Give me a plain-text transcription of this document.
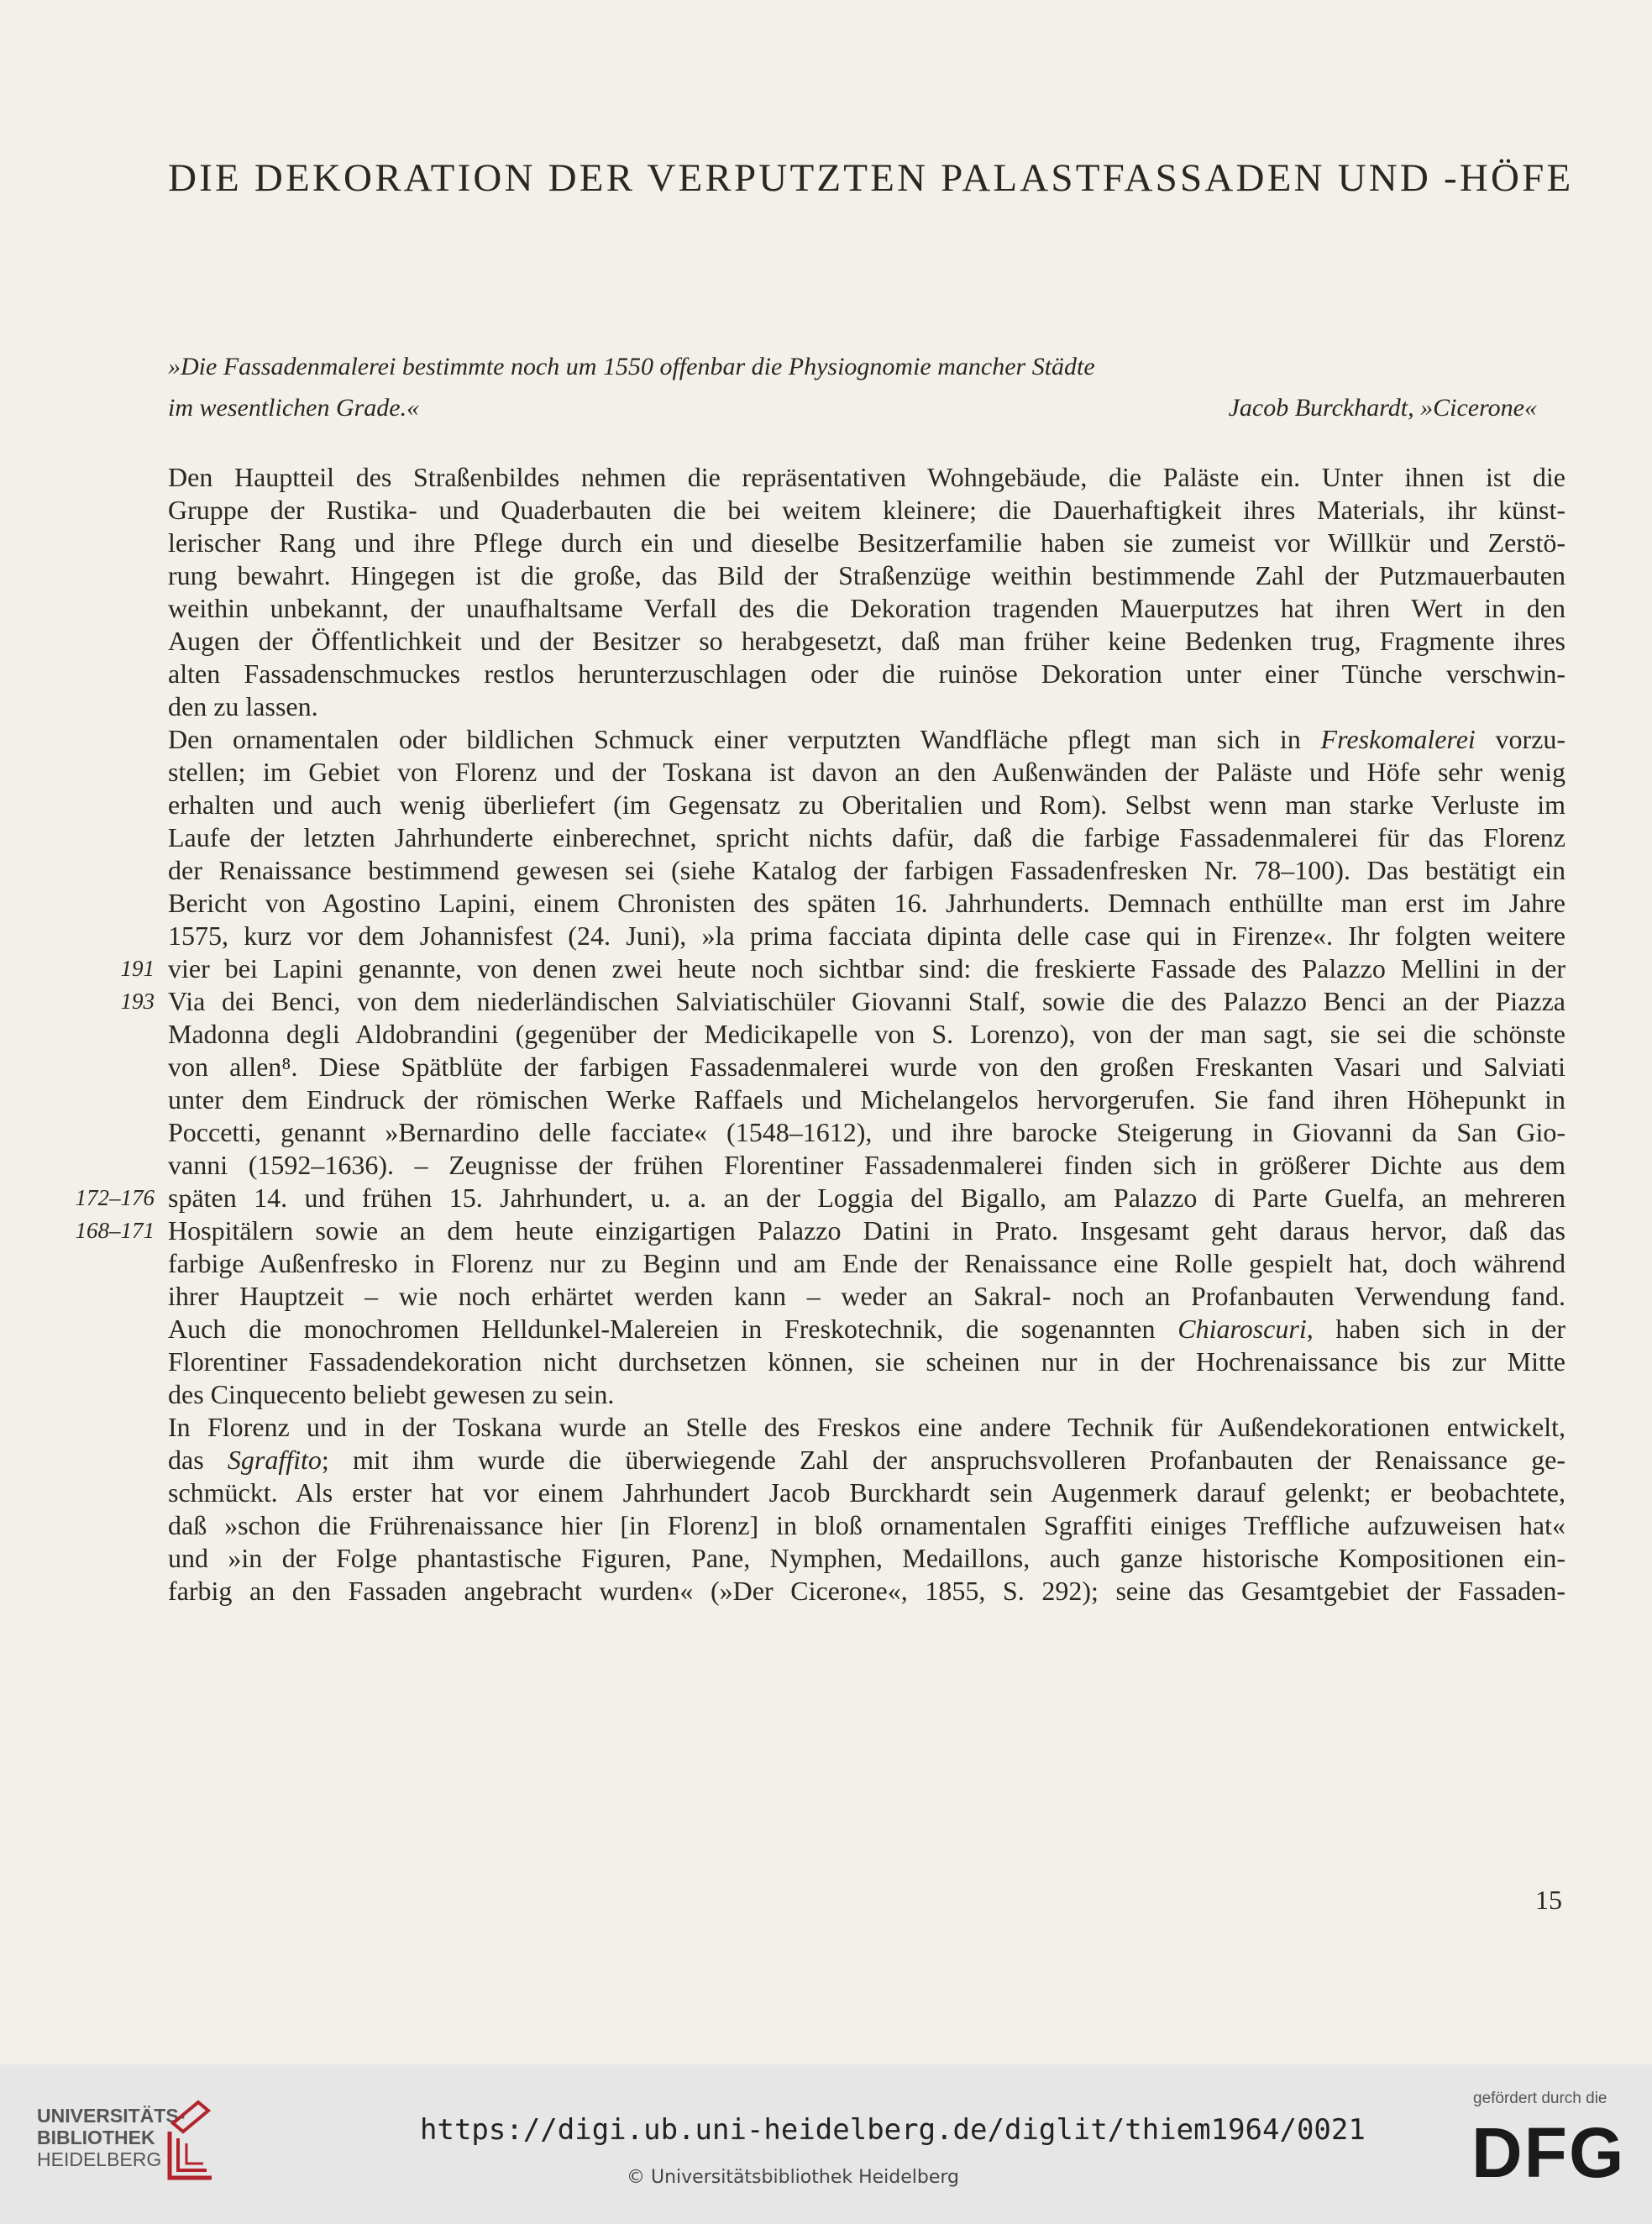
DIE DEKORATION DER VERPUTZTEN PALASTFASSADEN UND -HÖFE
»Die Fassadenmalerei bestimmte noch um 1550 offenbar die Physiognomie mancher Städte
im wesentlichen Grade.«	Jacob Burckhardt, »Cicerone«
Den Hauptteil des Straßenbildes nehmen die repräsentativen Wohngebäude, die Paläste ein. Unter ihnen ist die
Gruppe der Rustika- und Quaderbauten die bei weitem kleinere; die Dauerhaftigkeit ihres Materials, ihr künst-
lerischer Rang und ihre Pflege durch ein und dieselbe Besitzerfamilie haben sie zumeist vor Willkür und Zerstö-
rung bewahrt. Hingegen ist die große, das Bild der Straßenzüge weithin bestimmende Zahl der Putzmauerbauten
weithin unbekannt, der unaufhaltsame Verfall des die Dekoration tragenden Mauerputzes hat ihren Wert in den
Augen der Öffentlichkeit und der Besitzer so herabgesetzt, daß man früher keine Bedenken trug, Fragmente ihres
alten Fassadenschmuckes restlos herunterzuschlagen oder die ruinöse Dekoration unter einer Tünche verschwin-
den zu lassen.
Den ornamentalen oder bildlichen Schmuck einer verputzten Wandfläche pflegt man sich in Freskomalerei vorzu-
stellen; im Gebiet von Florenz und der Toskana ist davon an den Außenwänden der Paläste und Höfe sehr wenig
erhalten und auch wenig überliefert (im Gegensatz zu Oberitalien und Rom). Selbst wenn man starke Verluste im
Laufe der letzten Jahrhunderte einberechnet, spricht nichts dafür, daß die farbige Fassadenmalerei für das Florenz
der Renaissance bestimmend gewesen sei (siehe Katalog der farbigen Fassadenfresken Nr. 78–100). Das bestätigt ein
Bericht von Agostino Lapini, einem Chronisten des späten 16. Jahrhunderts. Demnach enthüllte man erst im Jahre
1575, kurz vor dem Johannisfest (24. Juni), »la prima facciata dipinta delle case qui in Firenze«. Ihr folgten weitere
vier bei Lapini genannte, von denen zwei heute noch sichtbar sind: die freskierte Fassade des Palazzo Mellini in der
191
Via dei Benci, von dem niederländischen Salviatischüler Giovanni Stalf, sowie die des Palazzo Benci an der Piazza
193
Madonna degli Aldobrandini (gegenüber der Medicikapelle von S. Lorenzo), von der man sagt, sie sei die schönste
von allen⁸. Diese Spätblüte der farbigen Fassadenmalerei wurde von den großen Freskanten Vasari und Salviati
unter dem Eindruck der römischen Werke Raffaels und Michelangelos hervorgerufen. Sie fand ihren Höhepunkt in
Poccetti, genannt »Bernardino delle facciate« (1548–1612), und ihre barocke Steigerung in Giovanni da San Gio-
vanni (1592–1636). – Zeugnisse der frühen Florentiner Fassadenmalerei finden sich in größerer Dichte aus dem
späten 14. und frühen 15. Jahrhundert, u. a. an der Loggia del Bigallo, am Palazzo di Parte Guelfa, an mehreren
172–176
Hospitälern sowie an dem heute einzigartigen Palazzo Datini in Prato. Insgesamt geht daraus hervor, daß das
168–171
farbige Außenfresko in Florenz nur zu Beginn und am Ende der Renaissance eine Rolle gespielt hat, doch während
ihrer Hauptzeit – wie noch erhärtet werden kann – weder an Sakral- noch an Profanbauten Verwendung fand.
Auch die monochromen Helldunkel-Malereien in Freskotechnik, die sogenannten Chiaroscuri, haben sich in der
Florentiner Fassadendekoration nicht durchsetzen können, sie scheinen nur in der Hochrenaissance bis zur Mitte
des Cinquecento beliebt gewesen zu sein.
In Florenz und in der Toskana wurde an Stelle des Freskos eine andere Technik für Außendekorationen entwickelt,
das Sgraffito; mit ihm wurde die überwiegende Zahl der anspruchsvolleren Profanbauten der Renaissance ge-
schmückt. Als erster hat vor einem Jahrhundert Jacob Burckhardt sein Augenmerk darauf gelenkt; er beobachtete,
daß »schon die Frührenaissance hier [in Florenz] in bloß ornamentalen Sgraffiti einiges Treffliche aufzuweisen hat«
und »in der Folge phantastische Figuren, Pane, Nymphen, Medaillons, auch ganze historische Kompositionen ein-
farbig an den Fassaden angebracht wurden« (»Der Cicerone«, 1855, S. 292); seine das Gesamtgebiet der Fassaden-
15
UNIVERSITÄTS-
BIBLIOTHEK
HEIDELBERG
https://digi.ub.uni-heidelberg.de/diglit/thiem1964/0021
© Universitätsbibliothek Heidelberg
gefördert durch die
DFG
